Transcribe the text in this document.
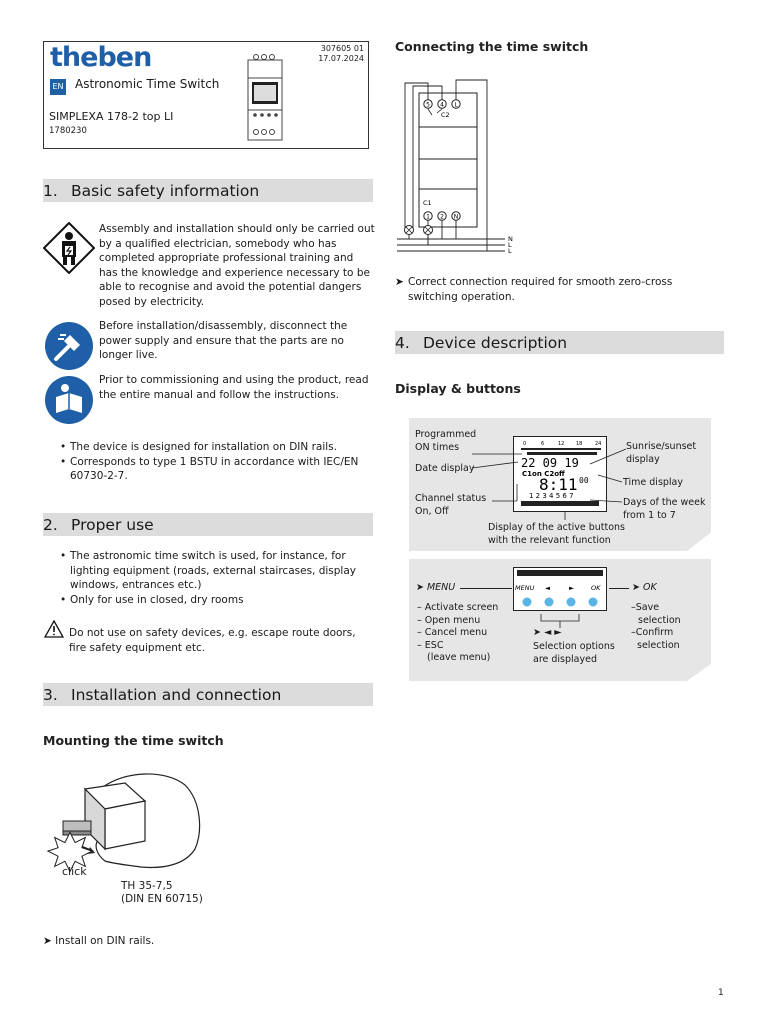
theben
EN Astronomic Time Switch
307605 01
17.07.2024
SIMPLEXA 178-2 top LI
1780230
1. Basic safety information
Assembly and installation should only be carried out by a qualified electrician, somebody who has completed appropriate professional training and has the knowledge and experience necessary to be able to recognise and avoid the potential dangers posed by electricity.
Before installation/disassembly, disconnect the power supply and ensure that the parts are no longer live.
Prior to commissioning and using the product, read the entire manual and follow the instructions.
• The device is designed for installation on DIN rails.
• Corresponds to type 1 BSTU in accordance with IEC/EN 60730-2-7.
2. Proper use
• The astronomic time switch is used, for instance, for lighting equipment (roads, external staircases, display windows, entrances etc.)
• Only for use in closed, dry rooms
Do not use on safety devices, e.g. escape route doors, fire safety equipment etc.
3. Installation and connection
Mounting the time switch
click
TH 35-7,5
(DIN EN 60715)
➤ Install on DIN rails.
Connecting the time switch
5 4 L
C2
C1
1 2 N
N
L
L
➤ Correct connection required for smooth zero-cross switching operation.
4. Device description
Display & buttons
0	6	12 18	24
22 09 19
C1on C2off
8:11 00
1 2 3 4 5 6 7
Programmed ON times
Date display
Channel status On, Off
Display of the active buttons with the relevant function
Sunrise/sunset display
Time display
Days of the week from 1 to 7
➤ MENU	MENU ◄	►	OK	➤ OK
– Activate screen
– Open menu
– Cancel menu
– ESC
(leave menu)
➤ ◄ ►
Selection options are displayed
–Save
selection
–Confirm
selection
1
